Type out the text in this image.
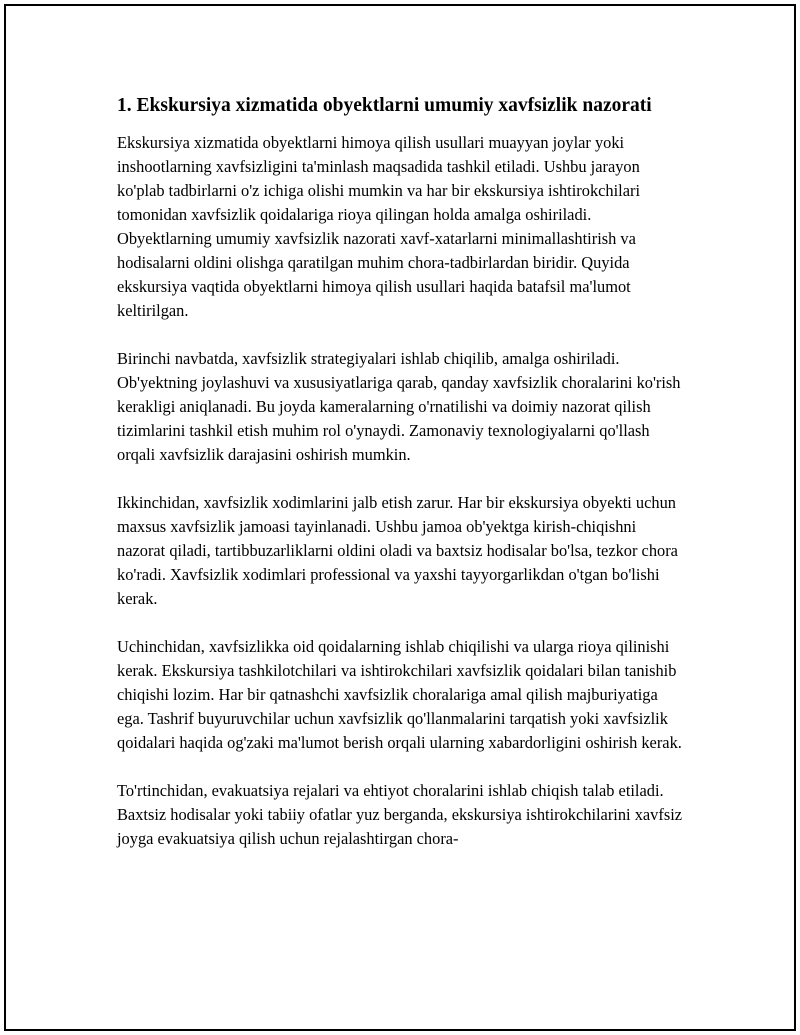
1. Ekskursiya xizmatida obyektlarni umumiy xavfsizlik nazorati

Ekskursiya xizmatida obyektlarni himoya qilish usullari muayyan joylar yoki inshootlarning xavfsizligini ta'minlash maqsadida tashkil etiladi. Ushbu jarayon ko'plab tadbirlarni o'z ichiga olishi mumkin va har bir ekskursiya ishtirokchilari tomonidan xavfsizlik qoidalariga rioya qilingan holda amalga oshiriladi. Obyektlarning umumiy xavfsizlik nazorati xavf-xatarlarni minimallashtirish va hodisalarni oldini olishga qaratilgan muhim chora-tadbirlardan biridir. Quyida ekskursiya vaqtida obyektlarni himoya qilish usullari haqida batafsil ma'lumot keltirilgan.

Birinchi navbatda, xavfsizlik strategiyalari ishlab chiqilib, amalga oshiriladi. Ob'yektning joylashuvi va xususiyatlariga qarab, qanday xavfsizlik choralarini ko'rish kerakligi aniqlanadi. Bu joyda kameralarning o'rnatilishi va doimiy nazorat qilish tizimlarini tashkil etish muhim rol o'ynaydi. Zamonaviy texnologiyalarni qo'llash orqali xavfsizlik darajasini oshirish mumkin.

Ikkinchidan, xavfsizlik xodimlarini jalb etish zarur. Har bir ekskursiya obyekti uchun maxsus xavfsizlik jamoasi tayinlanadi. Ushbu jamoa ob'yektga kirish-chiqishni nazorat qiladi, tartibbuzarliklarni oldini oladi va baxtsiz hodisalar bo'lsa, tezkor chora ko'radi. Xavfsizlik xodimlari professional va yaxshi tayyorgarlikdan o'tgan bo'lishi kerak.

Uchinchidan, xavfsizlikka oid qoidalarning ishlab chiqilishi va ularga rioya qilinishi kerak. Ekskursiya tashkilotchilari va ishtirokchilari xavfsizlik qoidalari bilan tanishib chiqishi lozim. Har bir qatnashchi xavfsizlik choralariga amal qilish majburiyatiga ega. Tashrif buyuruvchilar uchun xavfsizlik qo'llanmalarini tarqatish yoki xavfsizlik qoidalari haqida og'zaki ma'lumot berish orqali ularning xabardorligini oshirish kerak.

To'rtinchidan, evakuatsiya rejalari va ehtiyot choralarini ishlab chiqish talab etiladi. Baxtsiz hodisalar yoki tabiiy ofatlar yuz berganda, ekskursiya ishtirokchilarini xavfsiz joyga evakuatsiya qilish uchun rejalashtirgan chora-
